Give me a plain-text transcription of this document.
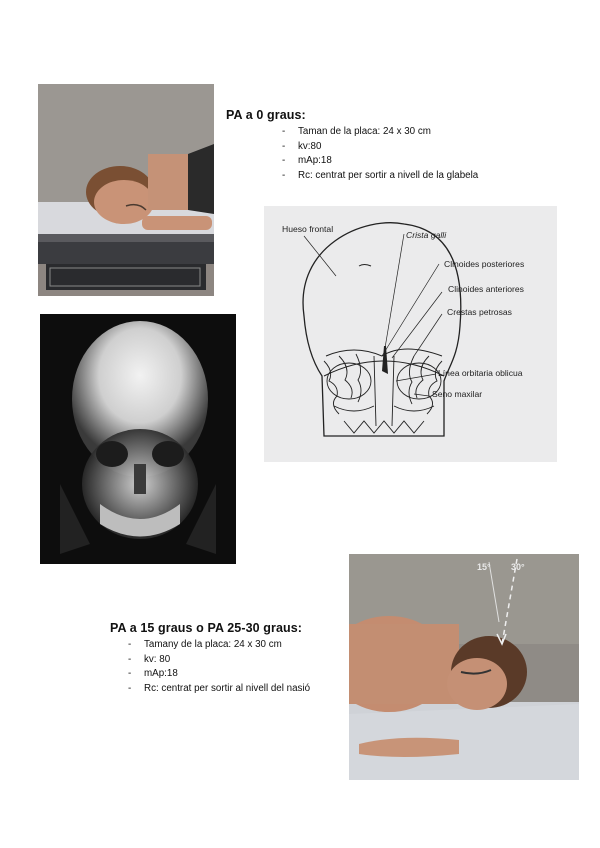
PA a 0 graus:
- Taman de la placa: 24 x 30 cm
- kv:80
- mAp:18
- Rc: centrat per sortir a nivell de la glabela
Hueso frontal
Crista galli
Clinoides posteriores
Clinoides anteriores
Crestas petrosas
Línea orbitaria oblicua
Seno maxilar
15° 30°
PA a 15 graus o PA 25-30 graus:
- Tamany de la placa: 24 x 30 cm
- kv: 80
- mAp:18
- Rc: centrat per sortir al nivell del nasió
